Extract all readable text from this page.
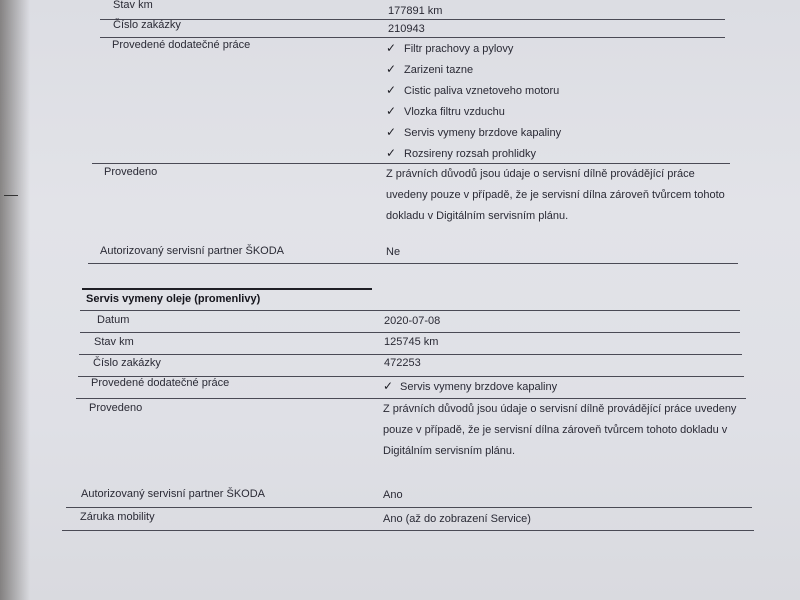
Stav km	177891 km
Číslo zakázky	210943
Provedené dodatečné práce	✓ Filtr prachovy a pylovy
✓ Zarizeni tazne
✓ Cistic paliva vznetoveho motoru
✓ Vlozka filtru vzduchu
✓ Servis vymeny brzdove kapaliny
✓ Rozsireny rozsah prohlidky
Provedeno	Z právních důvodů jsou údaje o servisní dílně provádějící práce uvedeny pouze v případě, že je servisní dílna zároveň tvůrcem tohoto dokladu v Digitálním servisním plánu.
Autorizovaný servisní partner ŠKODA	Ne
Servis vymeny oleje (promenlivy)
Datum	2020-07-08
Stav km	125745 km
Číslo zakázky	472253
Provedené dodatečné práce	✓ Servis vymeny brzdove kapaliny
Provedeno	Z právních důvodů jsou údaje o servisní dílně provádějící práce uvedeny pouze v případě, že je servisní dílna zároveň tvůrcem tohoto dokladu v Digitálním servisním plánu.
Autorizovaný servisní partner ŠKODA	Ano
Záruka mobility	Ano (až do zobrazení Service)
